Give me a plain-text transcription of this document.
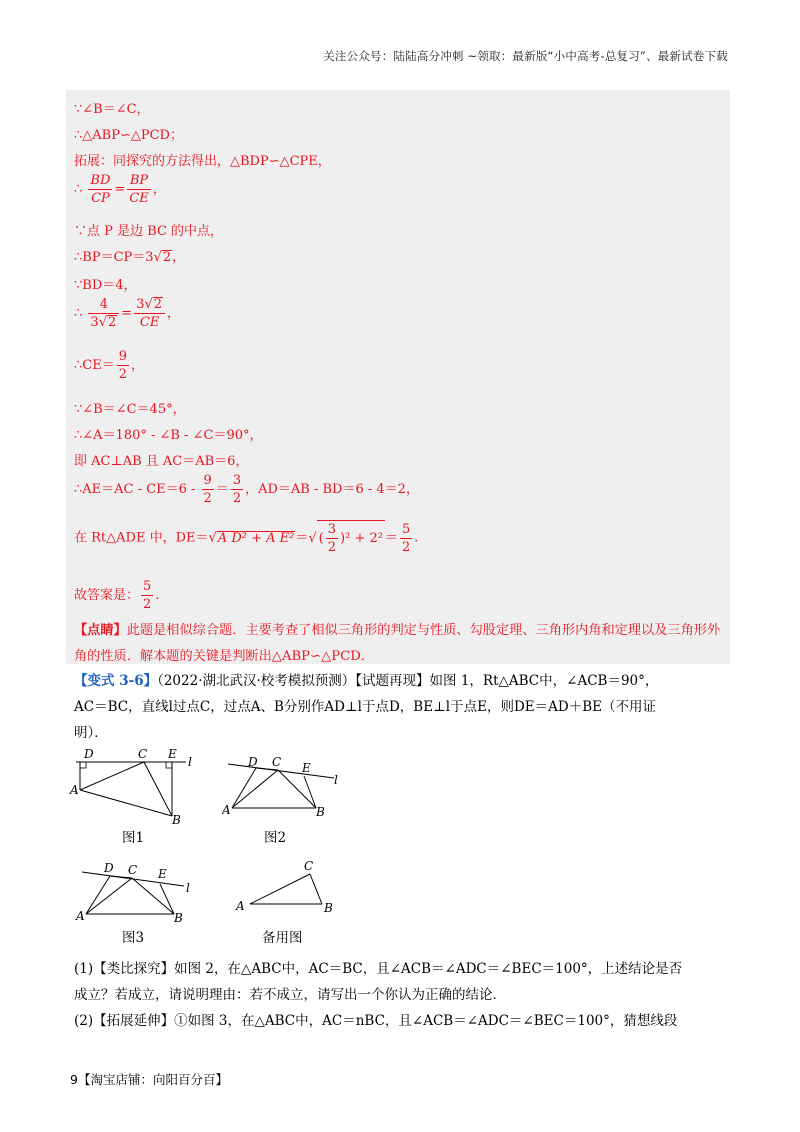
关注公众号：陆陆高分冲刺 ~领取：最新版“小中高考-总复习”、最新试卷下载
∵∠B＝∠C，
∴△ABP∽△PCD；
拓展：同探究的方法得出，△BDP∽△CPE，
∴ $\frac{BD}{CP} = \frac{BP}{CE}$ ，
∵点 P 是边 BC 的中点，
∴BP＝CP＝3√2，
∵BD＝4，
∴ $\frac{4}{3√2} = \frac{3√2}{CE}$ ，
∴CE＝ $\frac{9}{2}$ ，
∵∠B＝∠C＝45°，
∴∠A＝180° - ∠B - ∠C＝90°，
即 AC⊥AB 且 AC＝AB＝6，
∴AE＝AC - $CE=6 - \frac{9}{2} = \frac{3}{2}$ ，AD＝AB - BD＝6 - 4＝2，
在 Rt△ADE 中，DE＝√A D² + A E²＝√ ( $\frac{3}{2} )^2 + 2^2 = \frac{5}{2}$ .
故答案是： $\frac{5}{2}$ .
【点睛】此题是相似综合题．主要考查了相似三角形的判定与性质、勾股定理、三角形内角和定理以及三角形外角的性质．解本题的关键是判断出△ABP∽△PCD．
【变式 3-6】（2022·湖北武汉·校考模拟预测）【试题再现】如图 1，Rt△ABC中，∠ACB＝90°，
AC＝BC，直线l过点C，过点A、B分别作AD⊥l于点D，BE⊥l于点E，则DE＝AD＋BE（不用证
明）．
D	C E
l
A
B
图1
D C E
l
A	B
图2
D C E
l
A	B
图3
C
A	B
备用图
(1)【类比探究】如图 2，在△ABC中，AC＝BC，且∠ACB＝∠ADC＝∠BEC＝100°，上述结论是否
成立？若成立，请说明理由：若不成立，请写出一个你认为正确的结论．
(2)【拓展延伸】①如图 3，在△ABC中，AC＝nBC，且∠ACB＝∠ADC＝∠BEC＝100°，猜想线段
9【淘宝店铺：向阳百分百】
